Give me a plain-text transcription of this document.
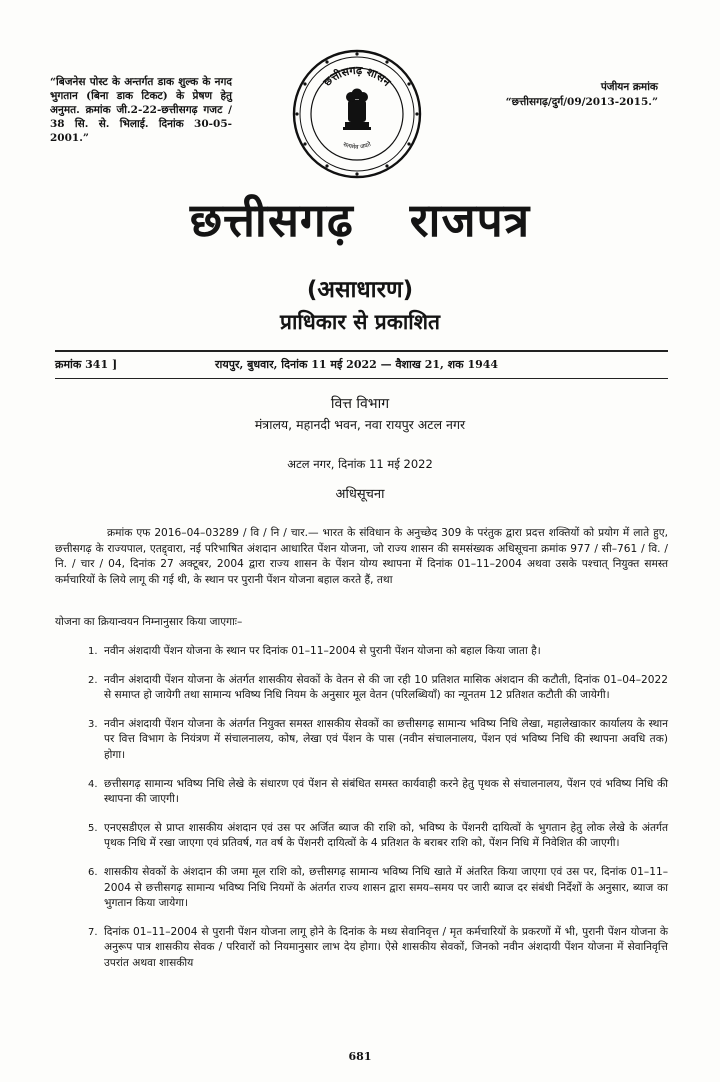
“बिजनेस पोस्ट के अन्तर्गत डाक शुल्क के नगद भुगतान (बिना डाक टिकट) के प्रेषण हेतु अनुमत. क्रमांक जी.2-22-छत्तीसगढ़ गजट / 38 सि. से. भिलाई. दिनांक 30-05-2001.”
छत्तीसगढ़ शासन
सत्यमेव जयते
पंजीयन क्रमांक
“छत्तीसगढ़/दुर्ग/09/2013-2015.”
छत्तीसगढ़ राजपत्र
(असाधारण)
प्राधिकार से प्रकाशित
क्रमांक 341 ]	रायपुर, बुधवार, दिनांक 11 मई 2022 — वैशाख 21, शक 1944
वित्त विभाग
मंत्रालय, महानदी भवन, नवा रायपुर अटल नगर
अटल नगर, दिनांक 11 मई 2022
अधिसूचना
क्रमांक एफ 2016–04–03289 / वि / नि / चार.— भारत के संविधान के अनुच्छेद 309 के परंतुक द्वारा प्रदत्त शक्तियों को प्रयोग में लाते हुए, छत्तीसगढ़ के राज्यपाल, एतद्द्वारा, नई परिभाषित अंशदान आधारित पेंशन योजना, जो राज्य शासन की समसंख्यक अधिसूचना क्रमांक 977 / सी–761 / वि. / नि. / चार / 04, दिनांक 27 अक्टूबर, 2004 द्वारा राज्य शासन के पेंशन योग्य स्थापना में दिनांक 01–11–2004 अथवा उसके पश्चात् नियुक्त समस्त कर्मचारियों के लिये लागू की गई थी, के स्थान पर पुरानी पेंशन योजना बहाल करते हैं, तथा
योजना का क्रियान्वयन निम्नानुसार किया जाएगाः–
1. नवीन अंशदायी पेंशन योजना के स्थान पर दिनांक 01–11–2004 से पुरानी पेंशन योजना को बहाल किया जाता है।
2. नवीन अंशदायी पेंशन योजना के अंतर्गत शासकीय सेवकों के वेतन से की जा रही 10 प्रतिशत मासिक अंशदान की कटौती, दिनांक 01–04–2022 से समाप्त हो जायेगी तथा सामान्य भविष्य निधि नियम के अनुसार मूल वेतन (परिलब्धियाँ) का न्यूनतम 12 प्रतिशत कटौती की जायेगी।
3. नवीन अंशदायी पेंशन योजना के अंतर्गत नियुक्त समस्त शासकीय सेवकों का छत्तीसगढ़ सामान्य भविष्य निधि लेखा, महालेखाकार कार्यालय के स्थान पर वित्त विभाग के नियंत्रण में संचालनालय, कोष, लेखा एवं पेंशन के पास (नवीन संचालनालय, पेंशन एवं भविष्य निधि की स्थापना अवधि तक) होगा।
4. छत्तीसगढ़ सामान्य भविष्य निधि लेखे के संधारण एवं पेंशन से संबंधित समस्त कार्यवाही करने हेतु पृथक से संचालनालय, पेंशन एवं भविष्य निधि की स्थापना की जाएगी।
5. एनएसडीएल से प्राप्त शासकीय अंशदान एवं उस पर अर्जित ब्याज की राशि को, भविष्य के पेंशनरी दायित्वों के भुगतान हेतु लोक लेखे के अंतर्गत पृथक निधि में रखा जाएगा एवं प्रतिवर्ष, गत वर्ष के पेंशनरी दायित्वों के 4 प्रतिशत के बराबर राशि को, पेंशन निधि में निवेशित की जाएगी।
6. शासकीय सेवकों के अंशदान की जमा मूल राशि को, छत्तीसगढ़ सामान्य भविष्य निधि खाते में अंतरित किया जाएगा एवं उस पर, दिनांक 01–11–2004 से छत्तीसगढ़ सामान्य भविष्य निधि नियमों के अंतर्गत राज्य शासन द्वारा समय–समय पर जारी ब्याज दर संबंधी निर्देशों के अनुसार, ब्याज का भुगतान किया जायेगा।
7. दिनांक 01–11–2004 से पुरानी पेंशन योजना लागू होने के दिनांक के मध्य सेवानिवृत्त / मृत कर्मचारियों के प्रकरणों में भी, पुरानी पेंशन योजना के अनुरूप पात्र शासकीय सेवक / परिवारों को नियमानुसार लाभ देय होगा। ऐसे शासकीय सेवकों, जिनको नवीन अंशदायी पेंशन योजना में सेवानिवृत्ति उपरांत अथवा शासकीय
681
